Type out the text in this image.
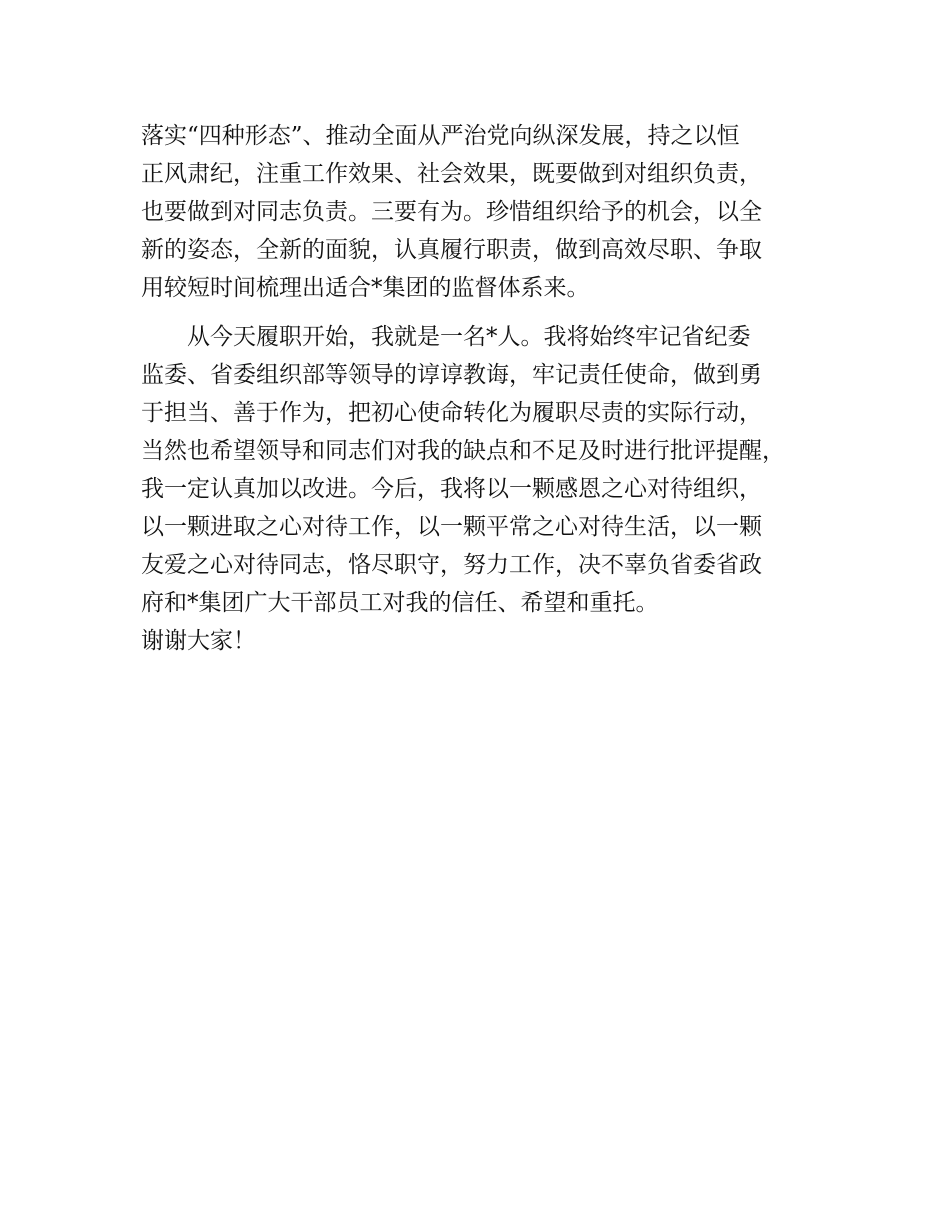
落实“四种形态”、推动全面从严治党向纵深发展，持之以恒
正风肃纪，注重工作效果、社会效果，既要做到对组织负责，
也要做到对同志负责。三要有为。珍惜组织给予的机会，以全
新的姿态，全新的面貌，认真履行职责，做到高效尽职、争取
用较短时间梳理出适合*集团的监督体系来。
从今天履职开始，我就是一名*人。我将始终牢记省纪委
监委、省委组织部等领导的谆谆教诲，牢记责任使命，做到勇
于担当、善于作为，把初心使命转化为履职尽责的实际行动，
当然也希望领导和同志们对我的缺点和不足及时进行批评提醒，
我一定认真加以改进。今后，我将以一颗感恩之心对待组织，
以一颗进取之心对待工作，以一颗平常之心对待生活，以一颗
友爱之心对待同志，恪尽职守，努力工作，决不辜负省委省政
府和*集团广大干部员工对我的信任、希望和重托。
谢谢大家！
